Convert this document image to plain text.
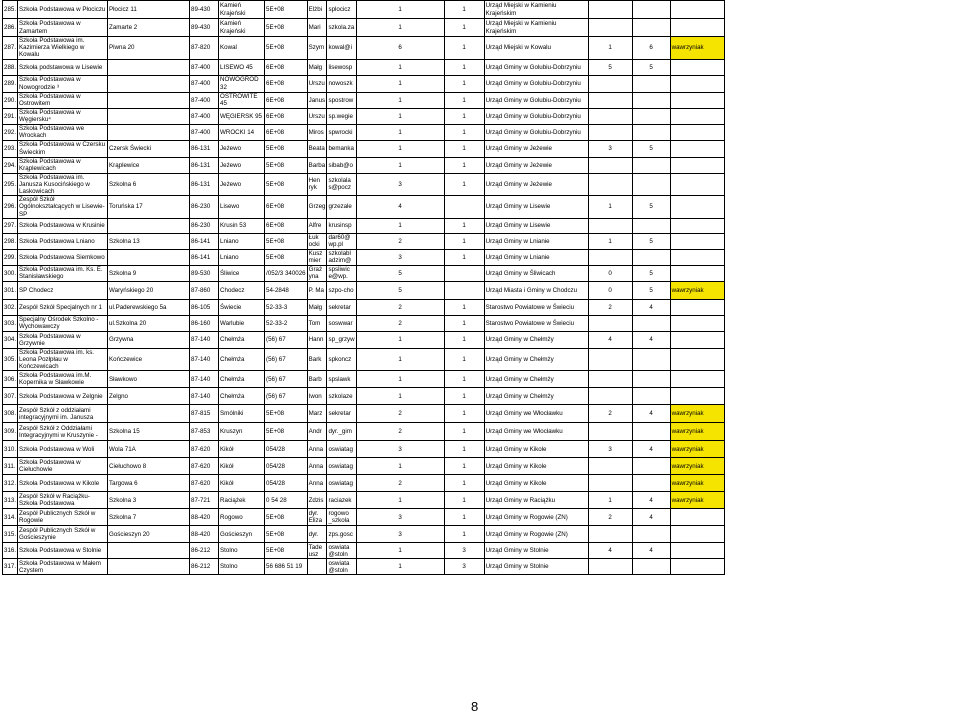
285.	Szkoła Podstawowa w Płociczu	Płocicz 11	89-430	Kamień Krajeński	5E+08	Elżbi	splocicz	1	1	Urząd Miejski w Kamieniu Krajeńskim			
286.	Szkoła Podstawowa w Zamartem	Zamarte 2	89-430	Kamień Krajeński	5E+08	Mari	szkola.za	1	1	Urząd Miejski w Kamieniu Krajeńskim			
287.	Szkoła Podstawowa im. Kazimierza Wielkiego w Kowalu	Piwna 20	87-820	Kowal	5E+08	Szym	kowal@i	6	1	Urząd Miejski w Kowalu	1	6	wawrzyniak
288.	Szkoła podstawowa w Lisewie		87-400	LISEWO 45	6E+08	Małg	lisewosp	1	1	Urząd Gminy w Golubiu-Dobrzyniu	5	5	
289.	Szkoła Podstawowa w Nowogrodzie ³		87-400	NOWOGRÓD 32	6E+08	Urszu	nowoszk	1	1	Urząd Gminy w Golubiu-Dobrzyniu			
290.	Szkoła Podstawowa w Ostrowitem		87-400	OSTROWITE 45	6E+08	Janus	spostrow	1	1	Urząd Gminy w Golubiu-Dobrzyniu			
291.	Szkoła Podstawowa w Węgiersku⁴		87-400	WĘGIERSK 95	6E+08	Urszu	sp.wegie	1	1	Urząd Gminy w Golubiu-Dobrzyniu			
292.	Szkoła Podstawowa we Wrockach		87-400	WROCKI 14	6E+08	Miros	spwrocki	1	1	Urząd Gminy w Golubiu-Dobrzyniu			
293.	Szkoła Podstawowa w Czersku Świeckim	Czersk Świecki	86-131	Jeżewo	5E+08	Beata	bemanka	1	1	Urząd Gminy w Jeżewie	3	5	
294.	Szkoła Podstawowa w Krąplewicach	Krąplewice	86-131	Jeżewo	5E+08	Barba	sibab@o	1	1	Urząd Gminy w Jeżewie			
295.	Szkoła Podstawowa im. Janusza Kusocińskiego w Laskowicach	Szkolna 6	86-131	Jeżewo	5E+08	Hen ryk	szkolala s@pocz	3	1	Urząd Gminy w Jeżewie			
296.	Zespół Szkół Ogólnokształcących w Lisewie- SP	Toruńska 17	86-230	Lisewo	6E+08	Grzeg	grzezale	4		Urząd Gminy w Lisewie	1	5	
297.	Szkoła Podstawowa w Krusinie		86-230	Krusin 53	6E+08	Alfre	krusinsp	1	1	Urząd Gminy w Lisewie			
298.	Szkoła Podstawowa Lniano	Szkolna 13	86-141	Lniano	5E+08	Łuk ocki	dar60@ wp.pl	2	1	Urząd Gminy w Lnianie	1	5	
299.	Szkoła Podstawowa Siemkowo		86-141	Lniano	5E+08	Kusz mier	szkolabl adzim@	3	1	Urząd Gminy w Lnianie			
300.	Szkoła Podstawowa im. Ks. E. Stanisławskiego	Szkolna 9	89-530	Śliwice	/052/3 340026	Graż yna	spsliwic e@wp.	5		Urząd Gminy w Śliwicach	0	5	
301.	SP Chodecz	Waryńskiego 20	87-860	Chodecz	54-2848	P. Ma	szpo-cho	5		Urząd Miasta i Gminy w Chodczu	0	5	wawrzyniak
302.	Zespół Szkół Specjalnych nr 1	ul.Paderewskiego 5a	86-105	Świecie	52-33-3	Małg	sekretar	2	1	Starostwo Powiatowe w Świeciu	2	4	
303.	Specjalny Ośrodek Szkolno - Wychowawczy	ul.Szkolna 20	86-160	Warlubie	52-33-2	Tom	soswwar	2	1	Starostwo Powiatowe w Świeciu			
304.	Szkoła Podstawowa w Grzywnie	Grzywna	87-140	Chełmża	(56) 67	Hann	sp_grzyw	1	1	Urząd Gminy w Chełmży	4	4	
305.	Szkoła Podstawowa im. ks. Leona Pozłpłau w Kończewicach	Kończewice	87-140	Chełmża	(56) 67	Bark	spkoncz	1	1	Urząd Gminy w Chełmży			
306.	Szkoła Podstawowa im.M. Kopernika w Sławkowie	Sławkowo	87-140	Chełmża	(56) 67	Barb	spslawk	1	1	Urząd Gminy w Chełmży			
307.	Szkoła Podstawowa w Zelgnie	Zelgno	87-140	Chełmża	(56) 67	Iwon	szkolaze	1	1	Urząd Gminy w Chełmży			
308.	Zespół Szkół z oddziałami integracyjnymi im. Janusza		87-815	Smólniki	5E+08	Marz	sekretar	2	1	Urząd Gminy we Włocławku	2	4	wawrzyniak
309.	Zespół Szkół z Oddziałami Integracyjnymi w Kruszynie -	Szkolna 15	87-853	Kruszyn	5E+08	Andr	dyr._gim	2	1	Urząd Gminy we Włocławku			wawrzyniak
310.	Szkoła Podstawowa w Woli	Wola 71A	87-620	Kikół	054/28	Anna	oswiatag	3	1	Urząd Gminy w Kikole	3	4	wawrzyniak
311.	Szkoła Podstawowa w Ciełuchowie	Ciełuchowo 8	87-620	Kikół	054/28	Anna	oswiatag	1	1	Urząd Gminy w Kikole			wawrzyniak
312.	Szkoła Podstawowa w Kikole	Targowa 6	87-620	Kikół	054/28	Anna	oswiatag	2	1	Urząd Gminy w Kikole			wawrzyniak
313.	Zespół Szkół w Raciążku- Szkoła Podstawowa	Szkolna 3	87-721	Raciążek	0 54 28	Zdzis	raciazek	1	1	Urząd Gminy w Raciążku	1	4	wawrzyniak
314.	Zespół Publicznych Szkół w Rogowie	Szkolna 7	88-420	Rogowo	5E+08	dyr. Eliza	rogowo _szkola	3	1	Urząd Gminy w Rogowie (ZN)	2	4	
315.	Zespół Publicznych Szkół w Gościeszynie	Gościeszyn 20	88-420	Gościeszyn	5E+08	dyr.	zps.gosc	3	1	Urząd Gminy w Rogowie (ZN)			
316.	Szkoła Podstawowa w Stolnie		86-212	Stolno	5E+08	Tade usz	oswiata @stoln	1	3	Urząd Gminy w Stolnie	4	4	
317.	Szkoła Podstawowa w Małem Czystem		86-212	Stolno	56 686 51 19		oswiata @stoln	1	3	Urząd Gminy w Stolnie			
8
